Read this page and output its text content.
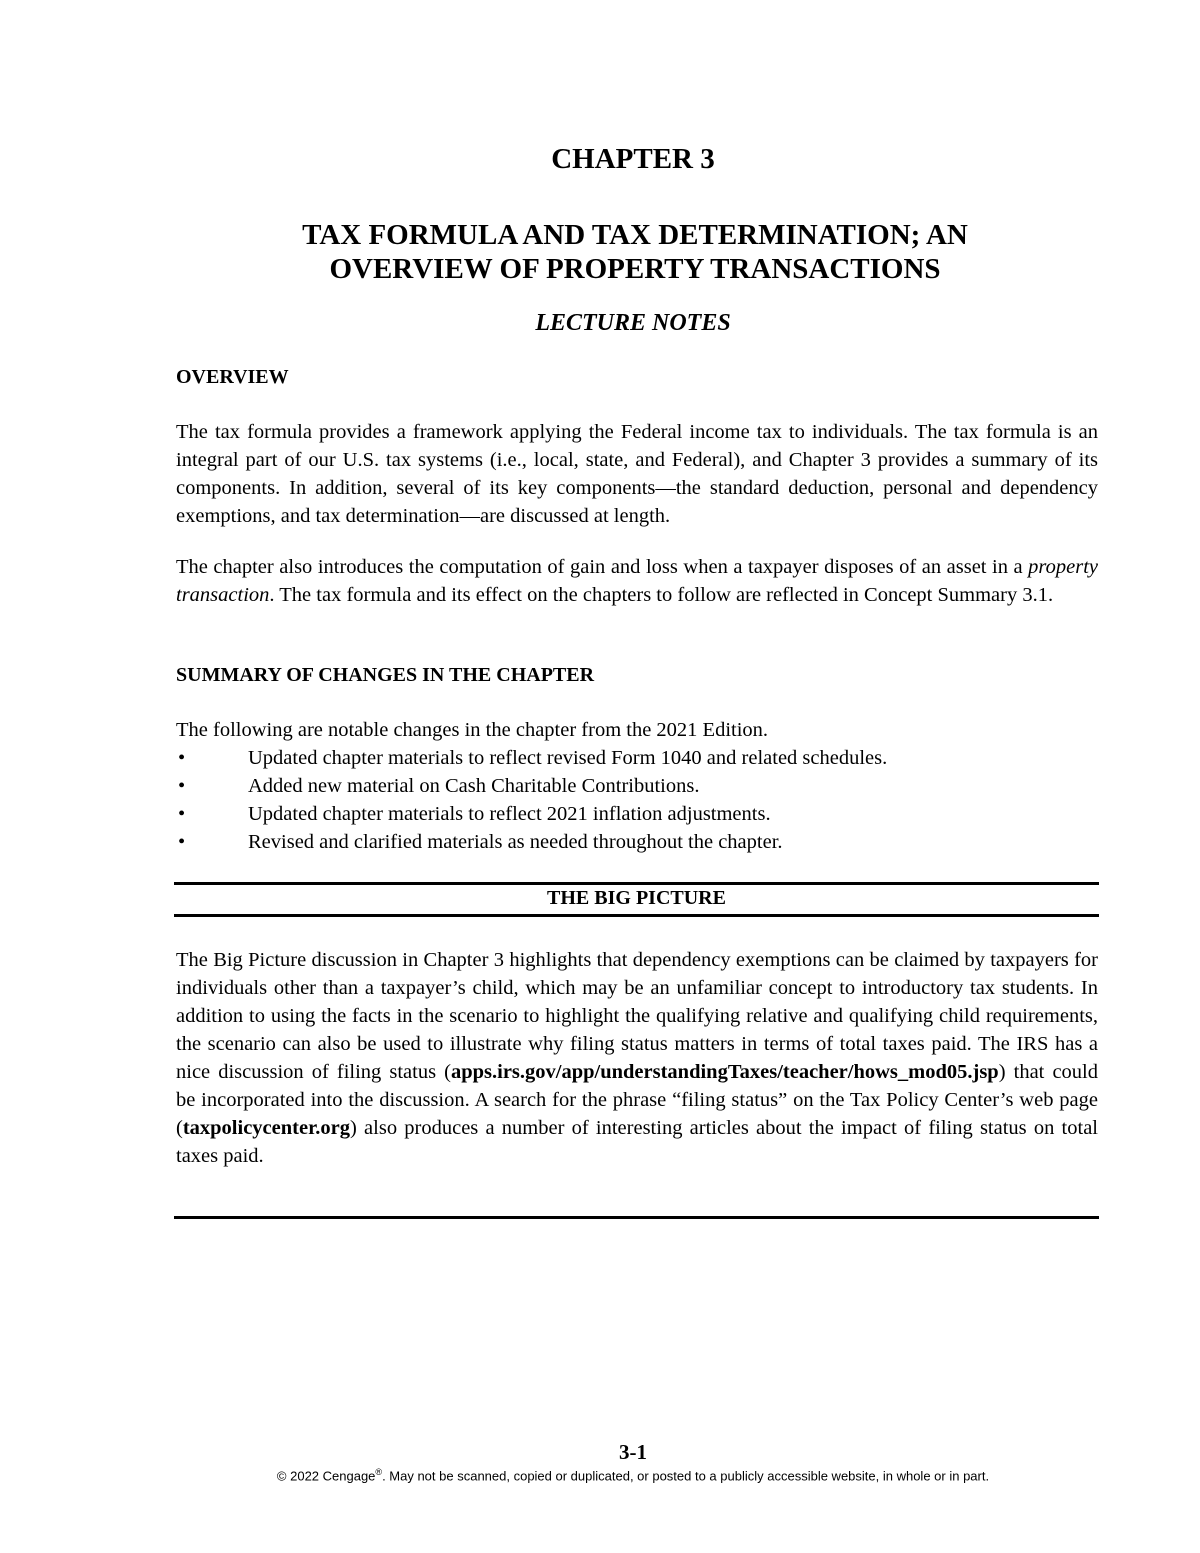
CHAPTER 3
TAX FORMULA AND TAX DETERMINATION; AN
OVERVIEW OF PROPERTY TRANSACTIONS
LECTURE NOTES
OVERVIEW

The tax formula provides a framework applying the Federal income tax to individuals. The tax formula is an integral part of our U.S. tax systems (i.e., local, state, and Federal), and Chapter 3 provides a summary of its components. In addition, several of its key components—the standard deduction, personal and dependency exemptions, and tax determination—are discussed at length.

The chapter also introduces the computation of gain and loss when a taxpayer disposes of an asset in a property transaction. The tax formula and its effect on the chapters to follow are reflected in Concept Summary 3.1.

SUMMARY OF CHANGES IN THE CHAPTER
The following are notable changes in the chapter from the 2021 Edition.
•	Updated chapter materials to reflect revised Form 1040 and related schedules.
•	Added new material on Cash Charitable Contributions.
•	Updated chapter materials to reflect 2021 inflation adjustments.
•	Revised and clarified materials as needed throughout the chapter.
THE BIG PICTURE

The Big Picture discussion in Chapter 3 highlights that dependency exemptions can be claimed by taxpayers for individuals other than a taxpayer’s child, which may be an unfamiliar concept to introductory tax students. In addition to using the facts in the scenario to highlight the qualifying relative and qualifying child requirements, the scenario can also be used to illustrate why filing status matters in terms of total taxes paid. The IRS has a nice discussion of filing status (apps.irs.gov/app/understandingTaxes/teacher/hows_mod05.jsp) that could be incorporated into the discussion. A search for the phrase “filing status” on the Tax Policy Center’s web page (taxpolicycenter.org) also produces a number of interesting articles about the impact of filing status on total taxes paid.

3-1
© 2022 Cengage®. May not be scanned, copied or duplicated, or posted to a publicly accessible website, in whole or in part.
